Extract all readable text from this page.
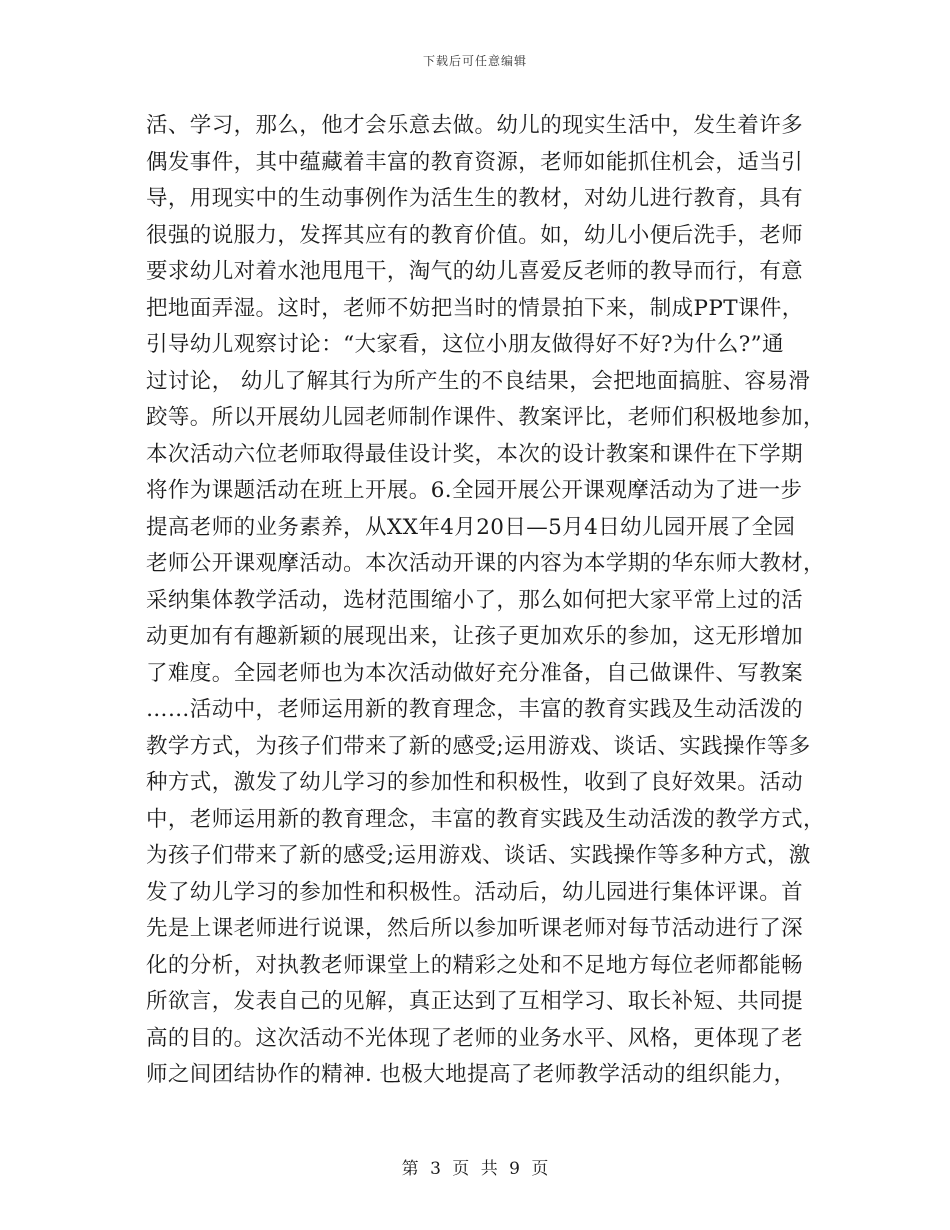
下载后可任意编辑
活、学习，那么，他才会乐意去做。幼儿的现实生活中，发生着许多
偶发事件，其中蕴藏着丰富的教育资源，老师如能抓住机会，适当引
导，用现实中的生动事例作为活生生的教材，对幼儿进行教育，具有
很强的说服力，发挥其应有的教育价值。如，幼儿小便后洗手，老师
要求幼儿对着水池甩甩干，淘气的幼儿喜爱反老师的教导而行，有意
把地面弄湿。这时，老师不妨把当时的情景拍下来，制成PPT课件，
引导幼儿观察讨论：“大家看，这位小朋友做得好不好?为什么?”通
过讨论， 幼儿了解其行为所产生的不良结果，会把地面搞脏、容易滑
跤等。所以开展幼儿园老师制作课件、教案评比，老师们积极地参加，
本次活动六位老师取得最佳设计奖，本次的设计教案和课件在下学期
将作为课题活动在班上开展。6.全园开展公开课观摩活动为了进一步
提高老师的业务素养，从XX年4月20日—5月4日幼儿园开展了全园
老师公开课观摩活动。本次活动开课的内容为本学期的华东师大教材，
采纳集体教学活动，选材范围缩小了，那么如何把大家平常上过的活
动更加有有趣新颖的展现出来，让孩子更加欢乐的参加，这无形增加
了难度。全园老师也为本次活动做好充分准备，自己做课件、写教案
……活动中，老师运用新的教育理念，丰富的教育实践及生动活泼的
教学方式，为孩子们带来了新的感受;运用游戏、谈话、实践操作等多
种方式，激发了幼儿学习的参加性和积极性，收到了良好效果。活动
中，老师运用新的教育理念，丰富的教育实践及生动活泼的教学方式，
为孩子们带来了新的感受;运用游戏、谈话、实践操作等多种方式，激
发了幼儿学习的参加性和积极性。活动后，幼儿园进行集体评课。首
先是上课老师进行说课，然后所以参加听课老师对每节活动进行了深
化的分析，对执教老师课堂上的精彩之处和不足地方每位老师都能畅
所欲言，发表自己的见解，真正达到了互相学习、取长补短、共同提
高的目的。这次活动不光体现了老师的业务水平、风格，更体现了老
师之间团结协作的精神. 也极大地提高了老师教学活动的组织能力，
第 3 页 共 9 页
